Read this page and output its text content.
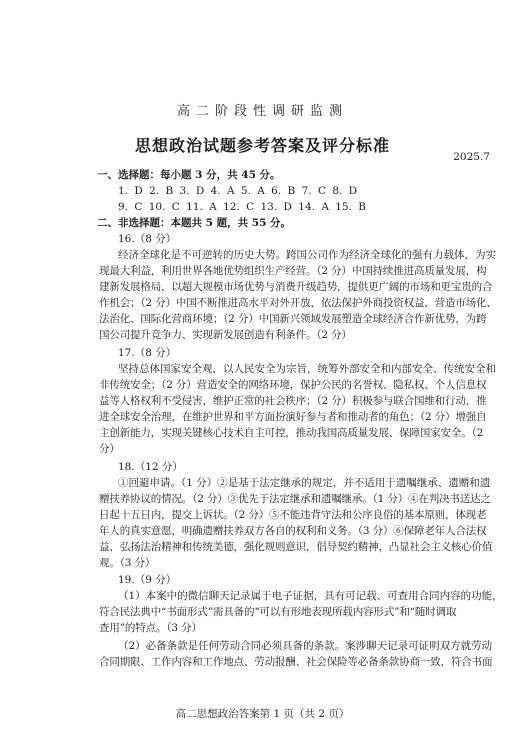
高二阶段性调研监测
思想政治试题参考答案及评分标准
2025.7
一、选择题：每小题 3 分，共 45 分。
1. D 2. B 3. D 4. A 5. A 6. B 7. C 8. D
9. C 10. C 11. A 12. C 13. D 14. A 15. B
二、非选择题：本题共 5 题，共 55 分。
16.（8 分）
经济全球化是不可逆转的历史大势。跨国公司作为经济全球化的强有力载体，为实
现最大利益，利用世界各地优势组织生产经营。（2 分）中国持续推进高质量发展，构
建新发展格局，以超大规模市场优势与消费升级趋势，提供更广阔的市场和更宝贵的合
作机会；（2 分）中国不断推进高水平对外开放，依法保护外商投资权益，营造市场化、
法治化、国际化营商环境；（2 分）中国新兴领域发展塑造全球经济合作新优势，为跨
国公司提升竞争力、实现新发展创造有利条件。（2 分）
17.（8 分）
坚持总体国家安全观，以人民安全为宗旨，统筹外部安全和内部安全、传统安全和
非传统安全；（2 分）营造安全的网络环境，保护公民的名誉权、隐私权、个人信息权
益等人格权利不受侵害，维护正常的社会秩序；（2 分）积极参与联合国维和行动，推
进全球安全治理，在维护世界和平方面扮演好参与者和推动者的角色；（2 分）增强自
主创新能力，实现关键核心技术自主可控，推动我国高质量发展、保障国家安全。（2
分）
18.（12 分）
①回避申请。（1 分）②是基于法定继承的规定，并不适用于遗嘱继承、遗赠和遗
赠扶养协议的情况。（2 分）③优先于法定继承和遗嘱继承。（1 分）④在判决书送达之
日起十五日内，提交上诉状。（2 分）⑤不能违背守法和公序良俗的基本原则，体现老
年人的真实意愿，明确遗赠扶养双方各自的权利和义务。（3 分）⑥保障老年人合法权
益，弘扬法治精神和传统美德，强化规则意识，倡导契约精神，凸显社会主义核心价值
观。（3 分）
19.（9 分）
（1）本案中的微信聊天记录属于电子证据，具有可记载、可查用合同内容的功能，
符合民法典中“书面形式”需具备的“可以有形地表现所载内容形式”和“随时调取
查用”的特点。（3 分）
（2）必备条款是任何劳动合同必须具备的条款。案涉聊天记录可证明双方就劳动
合同期限、工作内容和工作地点、劳动报酬、社会保险等必备条款协商一致，符合书面
高二思想政治答案第 1 页（共 2 页）
